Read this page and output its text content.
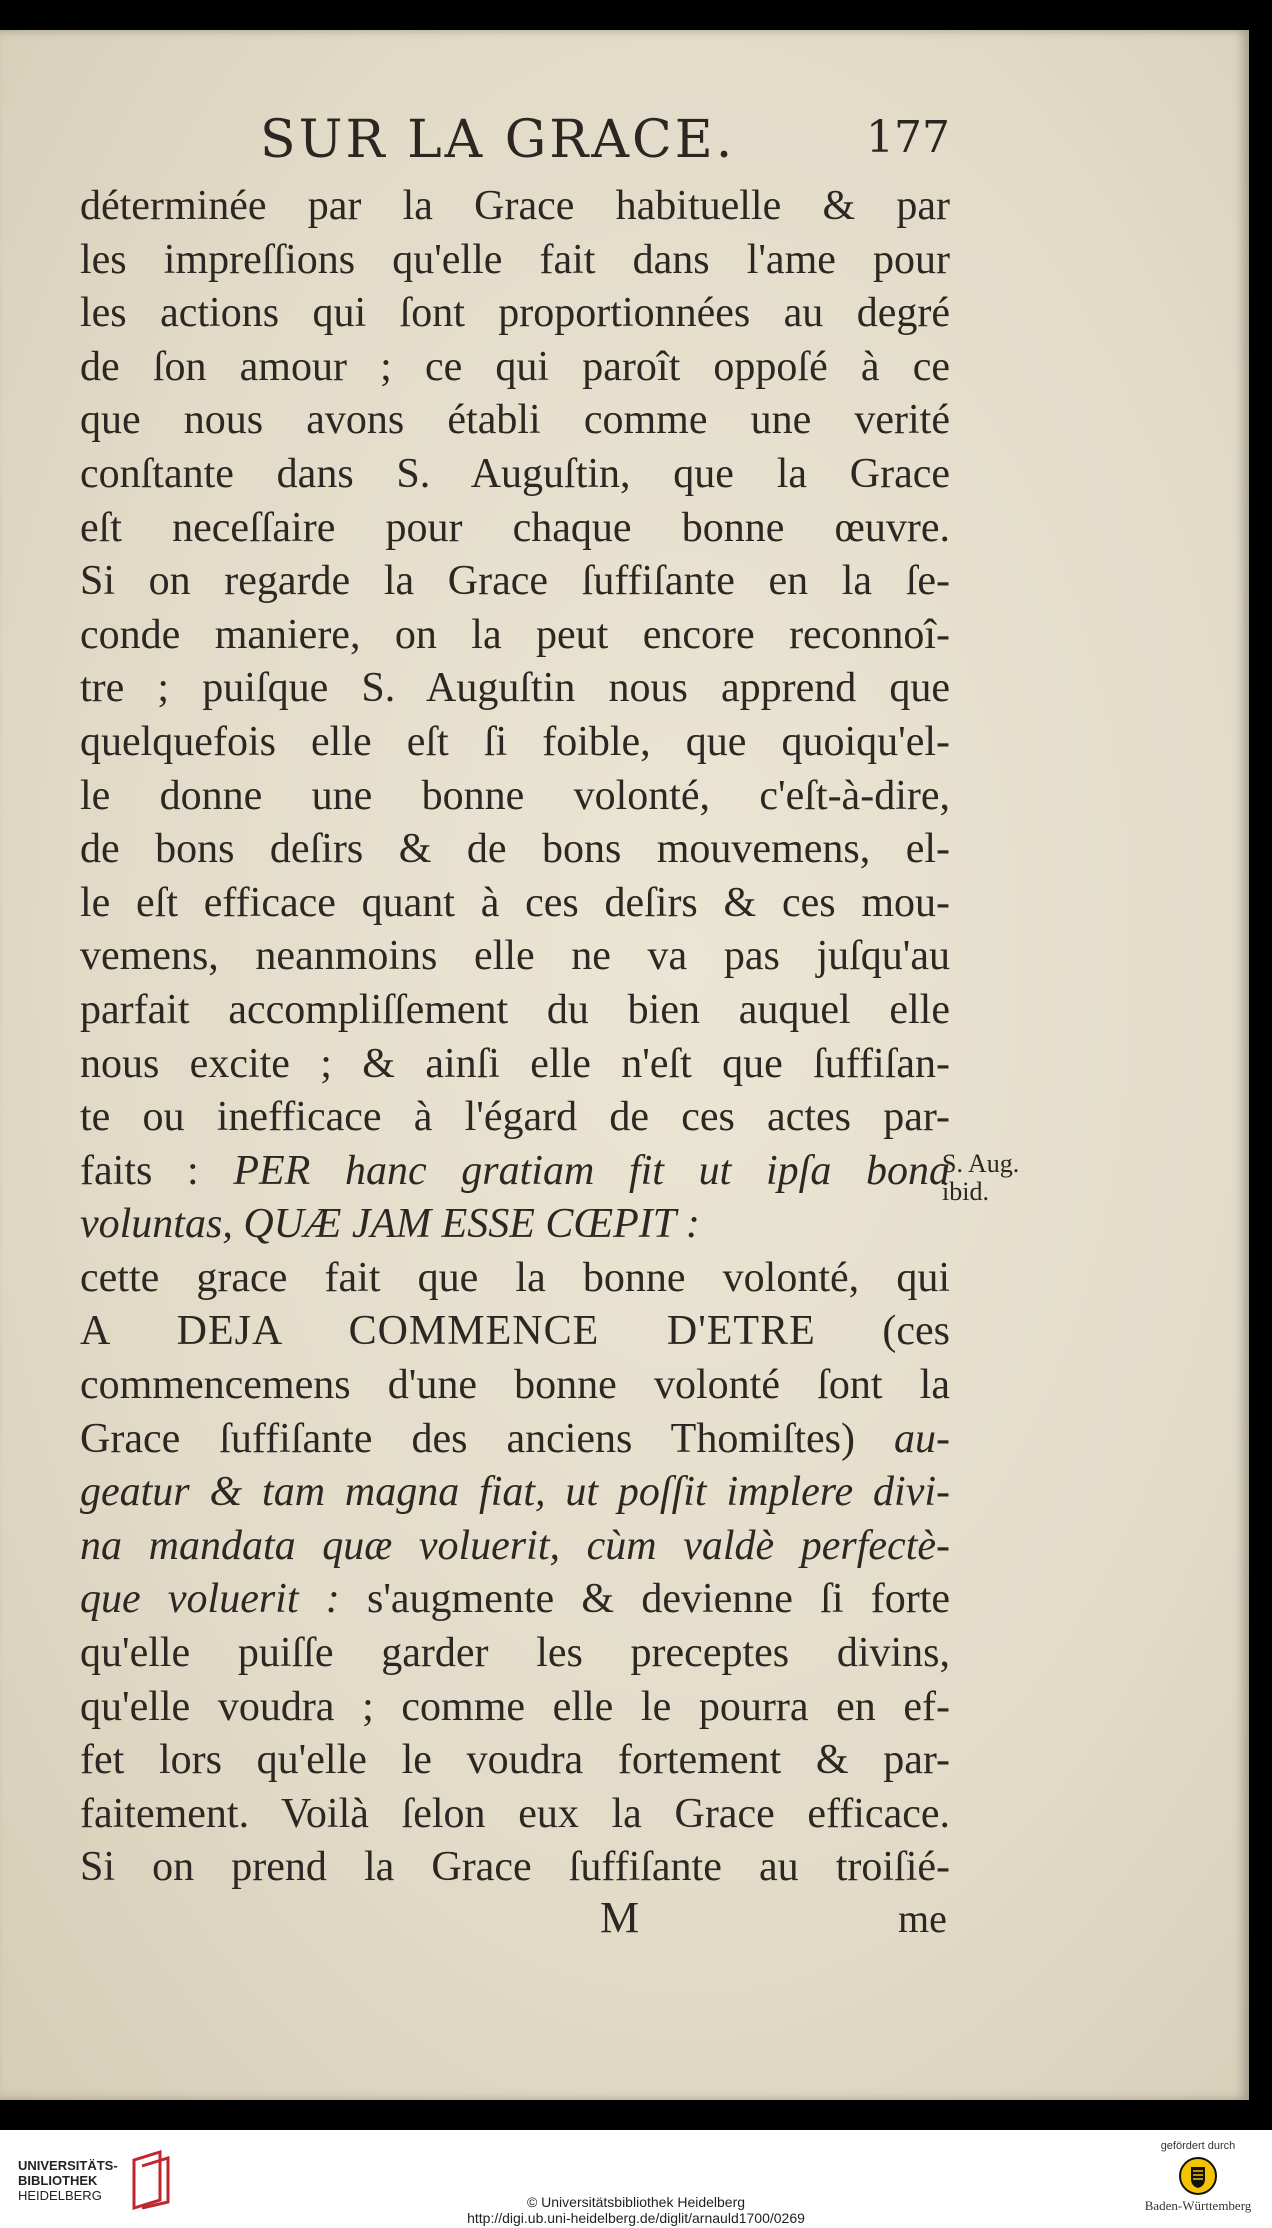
SUR LA GRACE.	177
déterminée par la Grace habituelle & par
les impreſſions qu'elle fait dans l'ame pour
les actions qui ſont proportionnées au degré
de ſon amour ; ce qui paroît oppoſé à ce
que nous avons établi comme une verité
conſtante dans S. Auguſtin, que la Grace
eſt neceſſaire pour chaque bonne œuvre.
Si on regarde la Grace ſuffiſante en la ſe-
conde maniere, on la peut encore reconnoî-
tre ; puiſque S. Auguſtin nous apprend que
quelquefois elle eſt ſi foible, que quoiqu'el-
le donne une bonne volonté, c'eſt-à-dire,
de bons deſirs & de bons mouvemens, el-
le eſt efficace quant à ces deſirs & ces mou-
vemens, neanmoins elle ne va pas juſqu'au
parfait accompliſſement du bien auquel elle
nous excite ; & ainſi elle n'eſt que ſuffiſan-
te ou inefficace à l'égard de ces actes par-
faits : PER hanc gratiam fit ut ipſa bona
voluntas, QUÆ JAM ESSE CŒPIT :
cette grace fait que la bonne volonté, qui
A DEJA COMMENCE D'ETRE (ces
commencemens d'une bonne volonté ſont la
Grace ſuffiſante des anciens Thomiſtes) au-
geatur & tam magna fiat, ut poſſit implere divi-
na mandata quæ voluerit, cùm valdè perfectè-
que voluerit : s'augmente & devienne ſi forte
qu'elle puiſſe garder les preceptes divins,
qu'elle voudra ; comme elle le pourra en ef-
fet lors qu'elle le voudra fortement & par-
faitement. Voilà ſelon eux la Grace efficace.
Si on prend la Grace ſuffiſante au troiſié-
S. Aug.
ibid.
M	me
UNIVERSITÄTS-
BIBLIOTHEK
HEIDELBERG	© Universitätsbibliothek Heidelberg
http://digi.ub.uni-heidelberg.de/diglit/arnauld1700/0269
gefördert durch
Baden-Württemberg
